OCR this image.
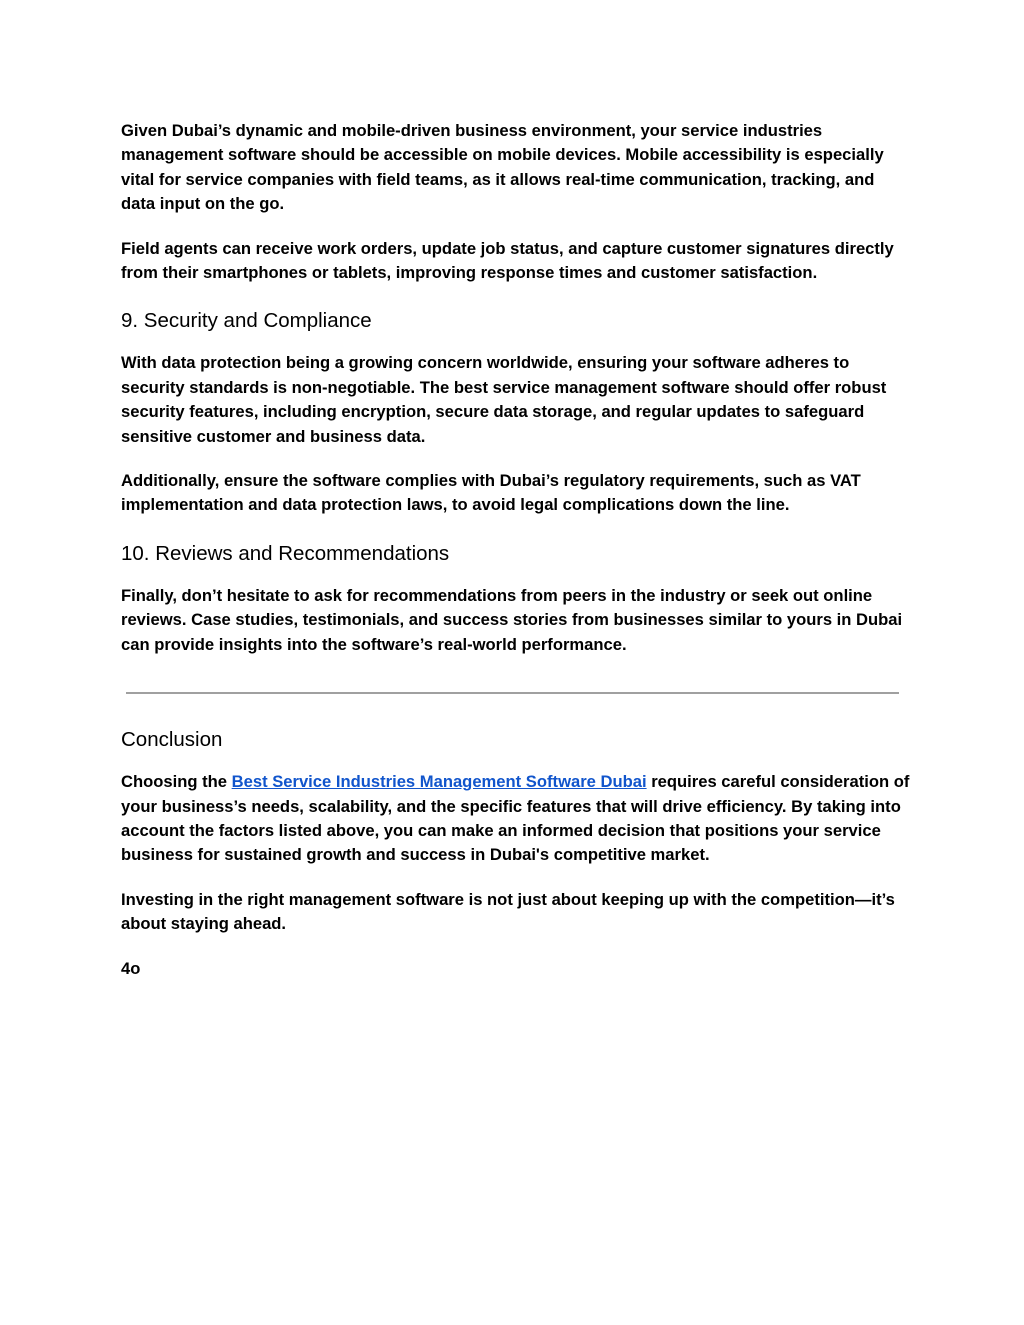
Given Dubai’s dynamic and mobile-driven business environment, your service industries management software should be accessible on mobile devices. Mobile accessibility is especially vital for service companies with field teams, as it allows real-time communication, tracking, and data input on the go.

Field agents can receive work orders, update job status, and capture customer signatures directly from their smartphones or tablets, improving response times and customer satisfaction.

9. Security and Compliance

With data protection being a growing concern worldwide, ensuring your software adheres to security standards is non-negotiable. The best service management software should offer robust security features, including encryption, secure data storage, and regular updates to safeguard sensitive customer and business data.

Additionally, ensure the software complies with Dubai’s regulatory requirements, such as VAT implementation and data protection laws, to avoid legal complications down the line.

10. Reviews and Recommendations

Finally, don’t hesitate to ask for recommendations from peers in the industry or seek out online reviews. Case studies, testimonials, and success stories from businesses similar to yours in Dubai can provide insights into the software’s real-world performance.

Conclusion

Choosing the Best Service Industries Management Software Dubai requires careful consideration of your business’s needs, scalability, and the specific features that will drive efficiency. By taking into account the factors listed above, you can make an informed decision that positions your service business for sustained growth and success in Dubai's competitive market.

Investing in the right management software is not just about keeping up with the competition—it’s about staying ahead.

4o
